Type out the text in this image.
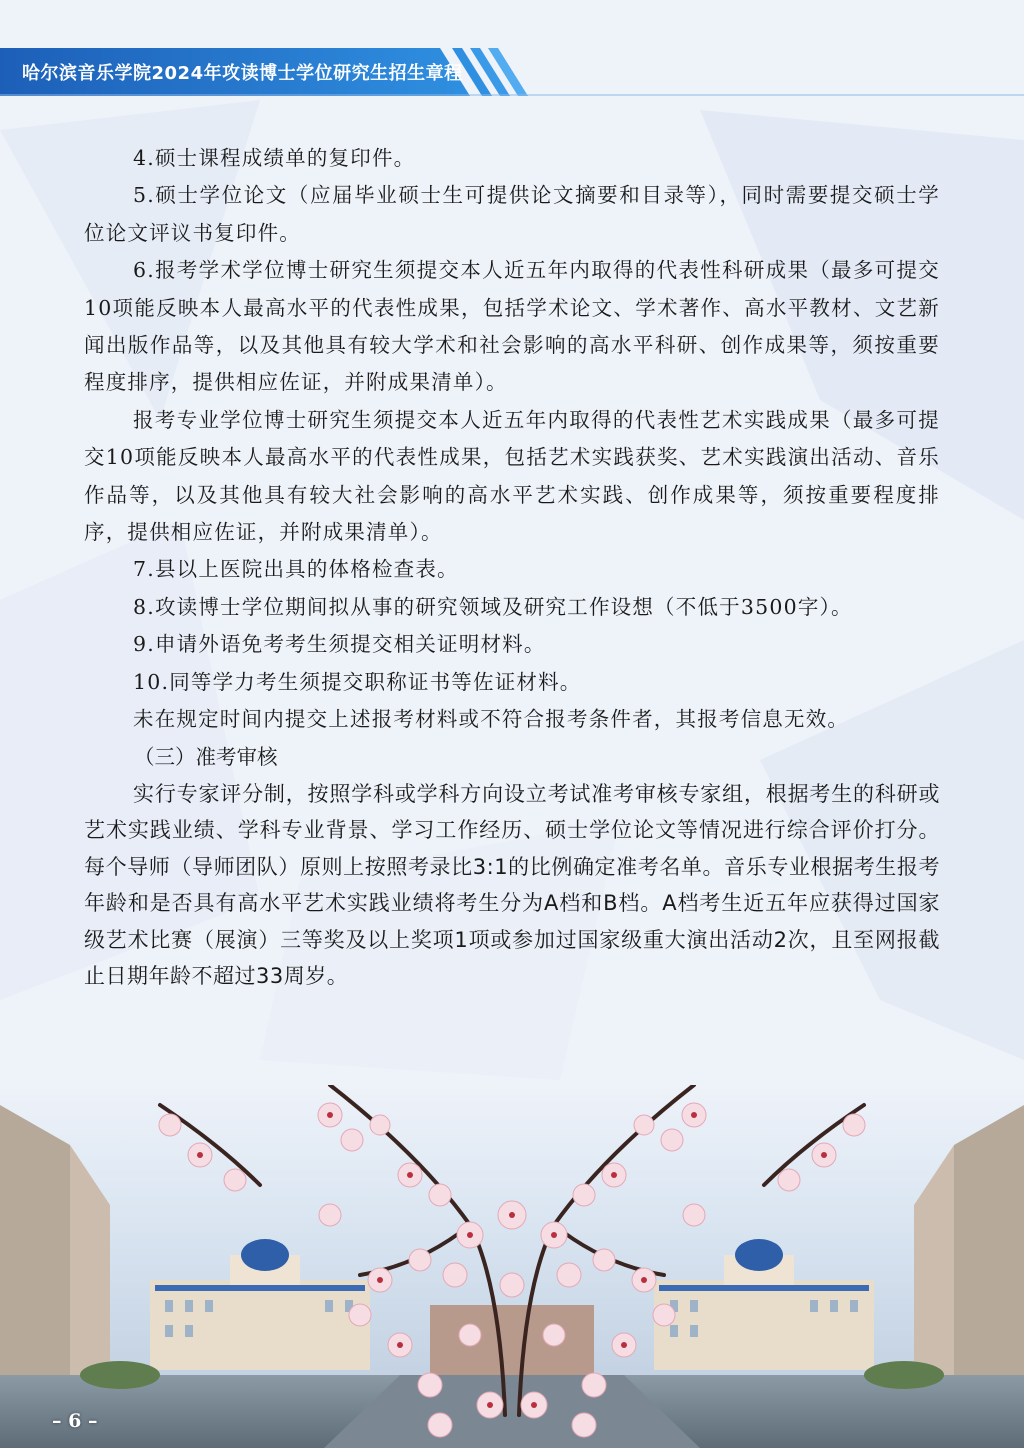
哈尔滨音乐学院2024年攻读博士学位研究生招生章程

4.硕士课程成绩单的复印件。

5.硕士学位论文（应届毕业硕士生可提供论文摘要和目录等），同时需要提交硕士学位论文评议书复印件。

6.报考学术学位博士研究生须提交本人近五年内取得的代表性科研成果（最多可提交10项能反映本人最高水平的代表性成果，包括学术论文、学术著作、高水平教材、文艺新闻出版作品等，以及其他具有较大学术和社会影响的高水平科研、创作成果等，须按重要程度排序，提供相应佐证，并附成果清单）。

报考专业学位博士研究生须提交本人近五年内取得的代表性艺术实践成果（最多可提交10项能反映本人最高水平的代表性成果，包括艺术实践获奖、艺术实践演出活动、音乐作品等，以及其他具有较大社会影响的高水平艺术实践、创作成果等，须按重要程度排序，提供相应佐证，并附成果清单）。

7.县以上医院出具的体格检查表。

8.攻读博士学位期间拟从事的研究领域及研究工作设想（不低于3500字）。

9.申请外语免考考生须提交相关证明材料。

10.同等学力考生须提交职称证书等佐证材料。

未在规定时间内提交上述报考材料或不符合报考条件者，其报考信息无效。

（三）准考审核

实行专家评分制，按照学科或学科方向设立考试准考审核专家组，根据考生的科研或艺术实践业绩、学科专业背景、学习工作经历、硕士学位论文等情况进行综合评价打分。每个导师（导师团队）原则上按照考录比3:1的比例确定准考名单。音乐专业根据考生报考年龄和是否具有高水平艺术实践业绩将考生分为A档和B档。A档考生近五年应获得过国家级艺术比赛（展演）三等奖及以上奖项1项或参加过国家级重大演出活动2次，且至网报截止日期年龄不超过33周岁。

– 6 –
